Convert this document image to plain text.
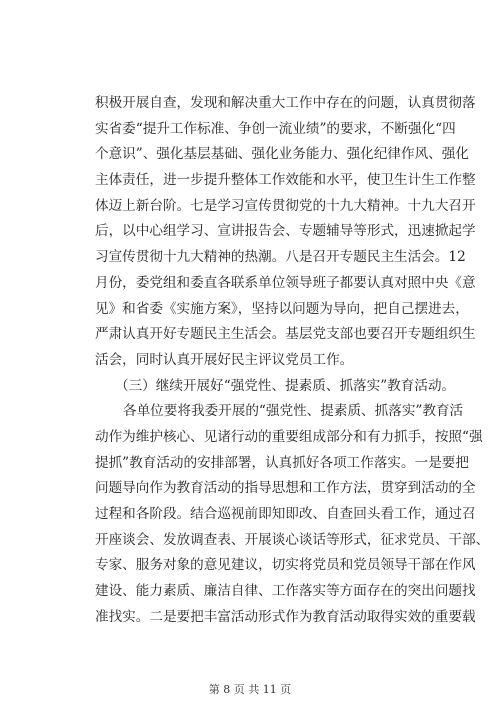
积极开展自查，发现和解决重大工作中存在的问题，认真贯彻落
实省委“提升工作标准、争创一流业绩”的要求，不断强化“四
个意识”、强化基层基础、强化业务能力、强化纪律作风、强化
主体责任，进一步提升整体工作效能和水平，使卫生计生工作整
体迈上新台阶。七是学习宣传贯彻党的十九大精神。十九大召开
后，以中心组学习、宣讲报告会、专题辅导等形式，迅速掀起学
习宣传贯彻十九大精神的热潮。八是召开专题民主生活会。12
月份，委党组和委直各联系单位领导班子都要认真对照中央《意
见》和省委《实施方案》，坚持以问题为导向，把自己摆进去，
严肃认真开好专题民主生活会。基层党支部也要召开专题组织生
活会，同时认真开展好民主评议党员工作。
（三）继续开展好“强党性、提素质、抓落实”教育活动。
各单位要将我委开展的“强党性、提素质、抓落实”教育活
动作为维护核心、见诸行动的重要组成部分和有力抓手，按照“强
提抓”教育活动的安排部署，认真抓好各项工作落实。一是要把
问题导向作为教育活动的指导思想和工作方法，贯穿到活动的全
过程和各阶段。结合巡视前即知即改、自查回头看工作，通过召
开座谈会、发放调查表、开展谈心谈话等形式，征求党员、干部、
专家、服务对象的意见建议，切实将党员和党员领导干部在作风
建设、能力素质、廉洁自律、工作落实等方面存在的突出问题找
准找实。二是要把丰富活动形式作为教育活动取得实效的重要载
第 8 页 共 11 页
